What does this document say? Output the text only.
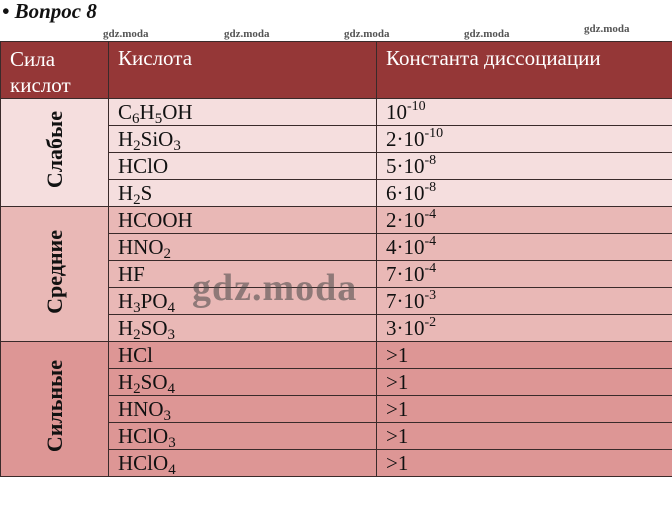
• Вопрос 8
gdz.moda	gdz.moda	gdz.moda	gdz.moda	gdz.moda
Сила кислот	Кислота	Константа диссоциации
Слабые	$C_6H_5OH$	$10^{-10}$
	$H_2SiO_3$	$2\cdot 10^{-10}$
	HClO	$5\cdot 10^{-8}$
	$H_2S$	$6\cdot 10^{-8}$
Средние	HCOOH	$2\cdot 10^{-4}$
	$HNO_2$	$4\cdot 10^{-4}$
	HF	$7\cdot 10^{-4}$
	$H_3PO_4$	$7\cdot 10^{-3}$
	$H_2SO_3$	$3\cdot 10^{-2}$
Сильные	HCl	>1
	$H_2SO_4$	>1
	$HNO_3$	>1
	HClO$_3$	>1
	HClO$_4$	>1
gdz.moda
